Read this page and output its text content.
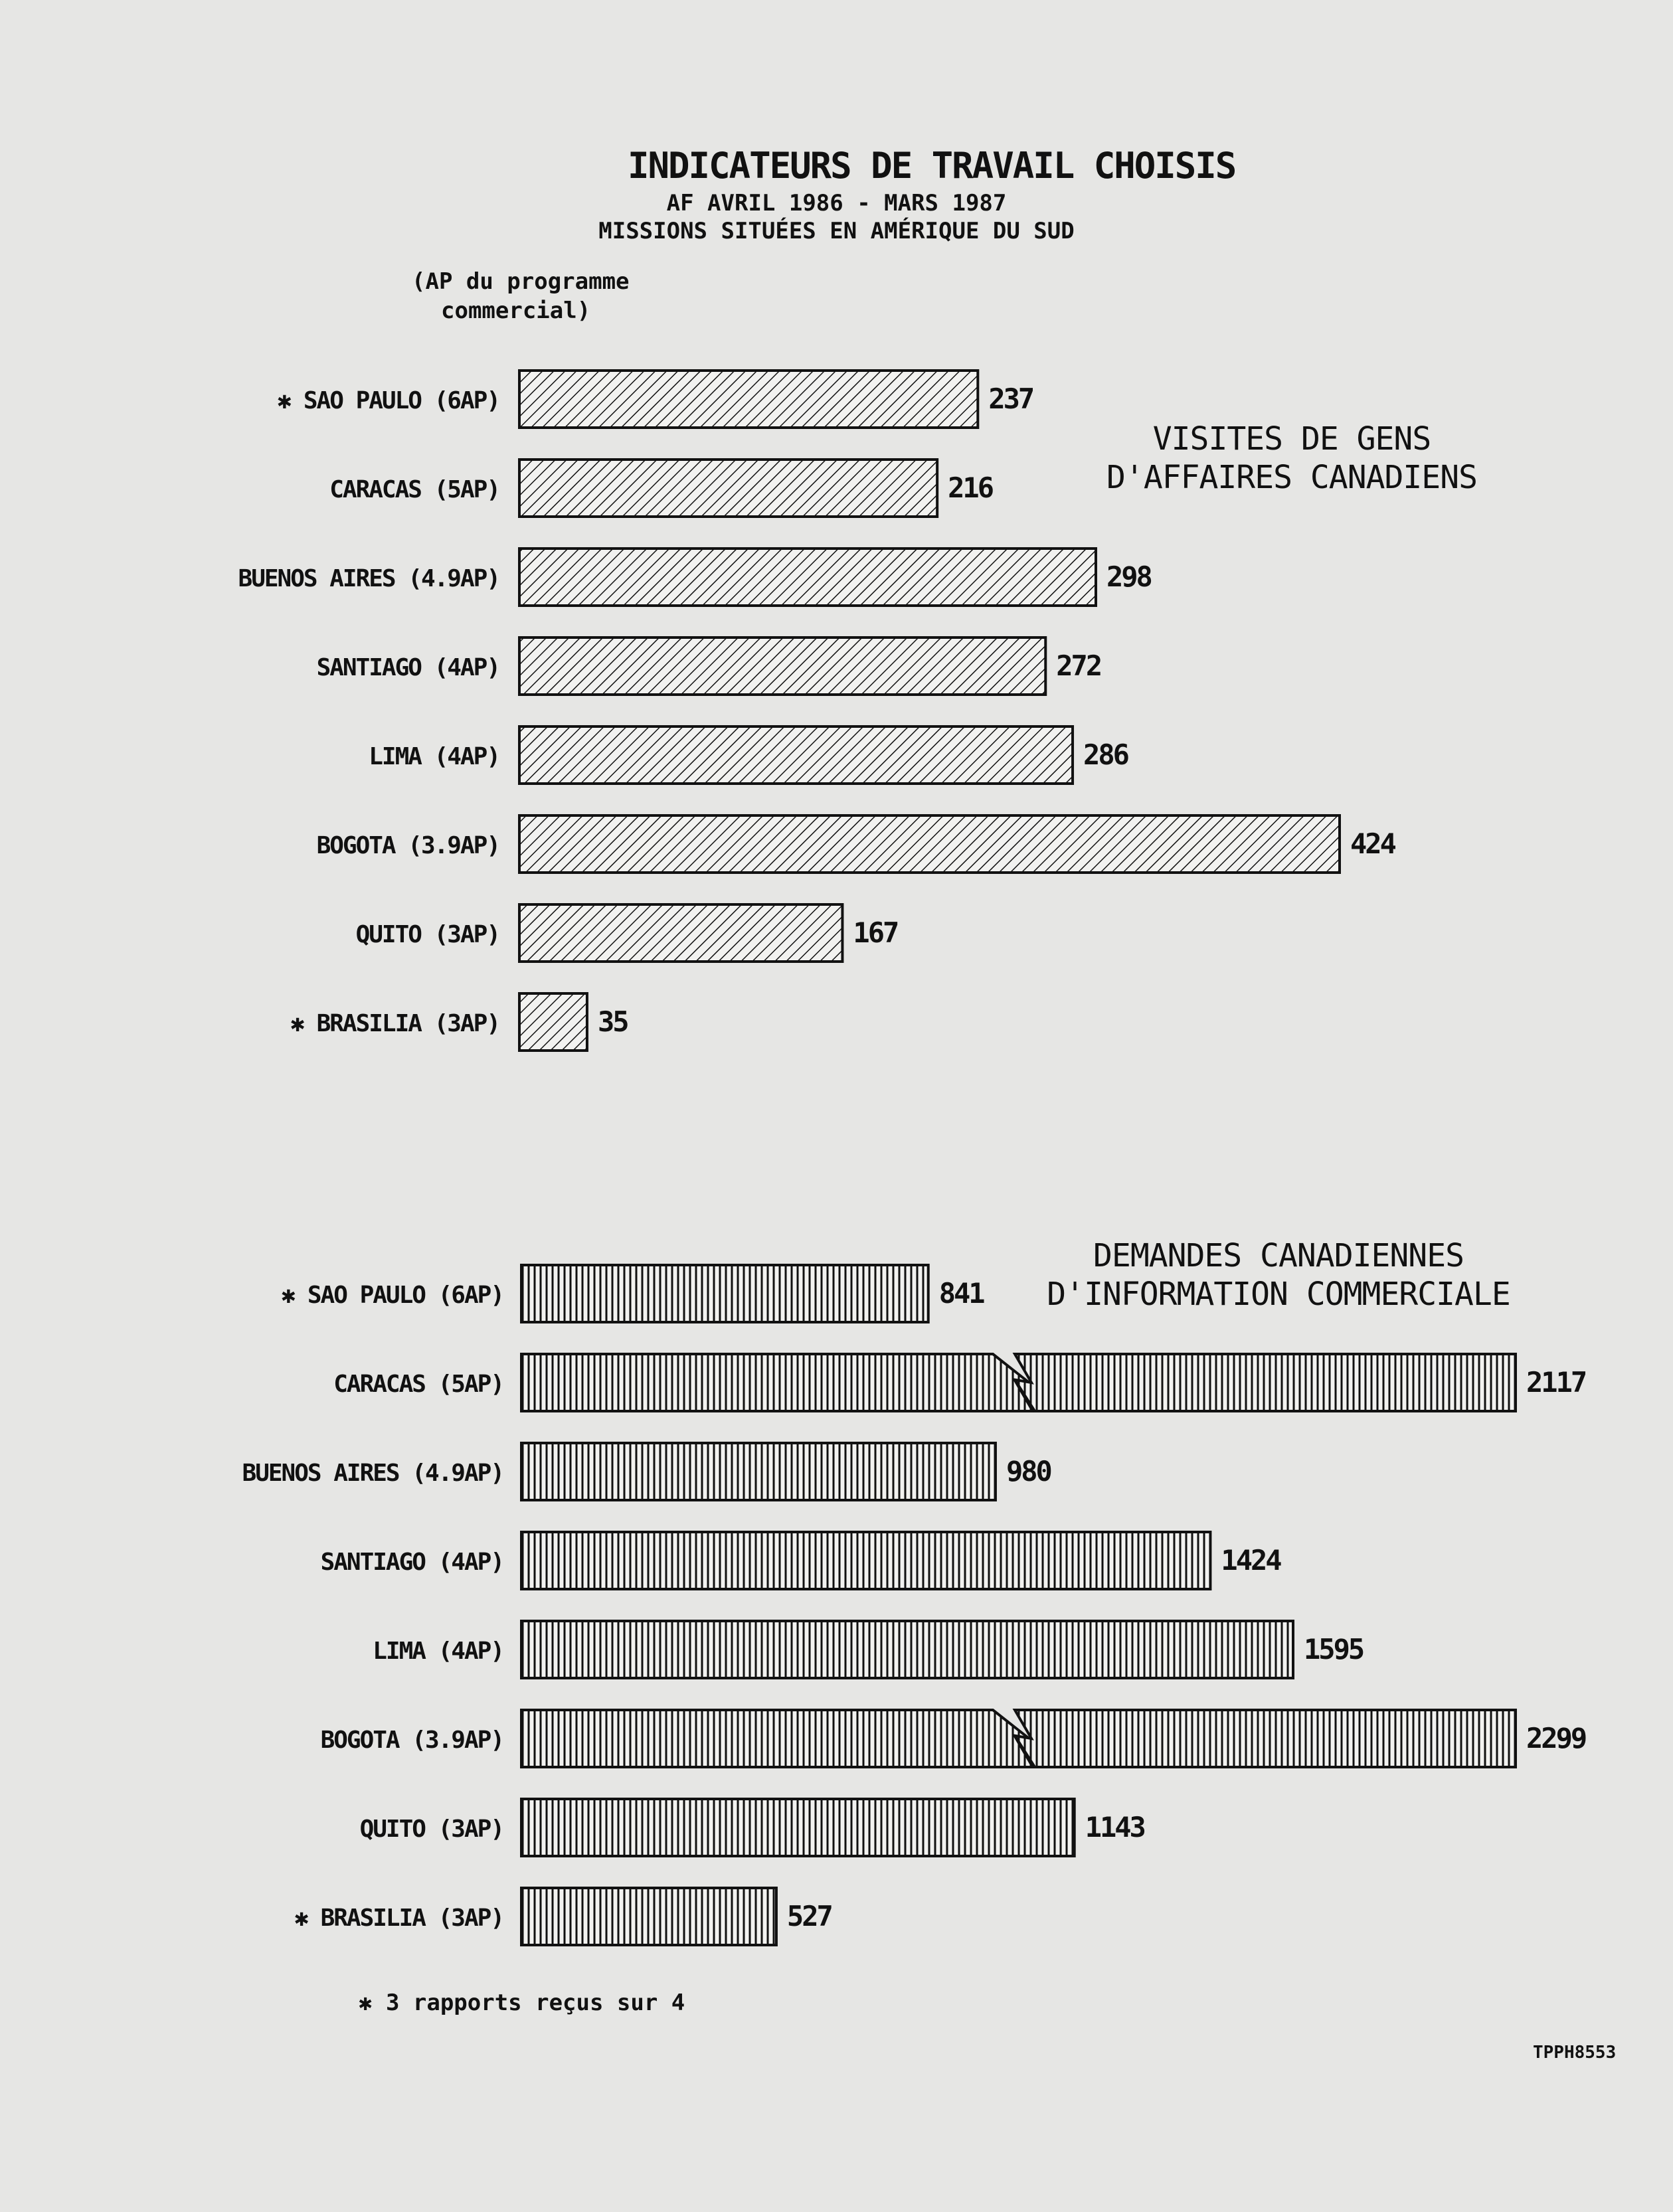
INDICATEURS DE TRAVAIL CHOISIS
AF AVRIL 1986 - MARS 1987
MISSIONS SITUÉES EN AMÉRIQUE DU SUD
(AP du programme
commercial)
VISITES DE GENS
D'AFFAIRES CANADIENS
DEMANDES CANADIENNES
D'INFORMATION COMMERCIALE
✱ SAO PAULO (6AP)	237
CARACAS (5AP)	216
BUENOS AIRES (4.9AP)	298
SANTIAGO (4AP)	272
LIMA (4AP)	286
BOGOTA (3.9AP)	424
QUITO (3AP)	167
✱ BRASILIA (3AP)	35
✱ SAO PAULO (6AP)	841
CARACAS (5AP)	2117
BUENOS AIRES (4.9AP)	980
SANTIAGO (4AP)	1424
LIMA (4AP)	1595
BOGOTA (3.9AP)	2299
QUITO (3AP)	1143
✱ BRASILIA (3AP)	527
✱ 3 rapports reçus sur 4
TPPH8553
